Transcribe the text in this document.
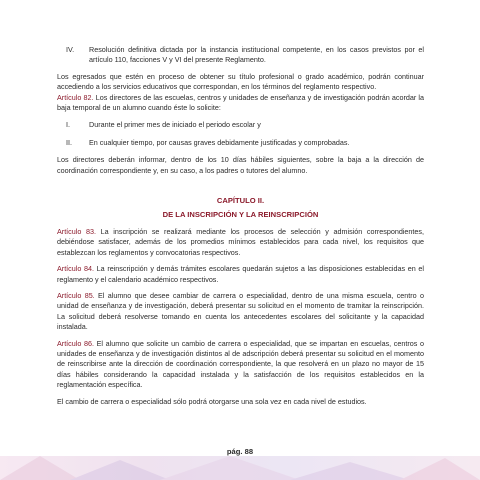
IV. Resolución definitiva dictada por la instancia institucional competente, en los casos previstos por el artículo 110, facciones V y VI del presente Reglamento.

Los egresados que estén en proceso de obtener su título profesional o grado académico, podrán continuar accediendo a los servicios educativos que correspondan, en los términos del reglamento respectivo.

Artículo 82. Los directores de las escuelas, centros y unidades de enseñanza y de investigación podrán acordar la baja temporal de un alumno cuando éste lo solicite:

I.	Durante el primer mes de iniciado el periodo escolar y

II. En cualquier tiempo, por causas graves debidamente justificadas y comprobadas.

Los directores deberán informar, dentro de los 10 días hábiles siguientes, sobre la baja a la dirección de coordinación correspondiente y, en su caso, a los padres o tutores del alumno.

CAPÍTULO II.
DE LA INSCRIPCIÓN Y LA REINSCRIPCIÓN

Artículo 83. La inscripción se realizará mediante los procesos de selección y admisión correspondientes, debiéndose satisfacer, además de los promedios mínimos establecidos para cada nivel, los requisitos que establezcan los reglamentos y convocatorias respectivos.

Artículo 84. La reinscripción y demás trámites escolares quedarán sujetos a las disposiciones establecidas en el reglamento y el calendario académico respectivos.

Artículo 85. El alumno que desee cambiar de carrera o especialidad, dentro de una misma escuela, centro o unidad de enseñanza y de investigación, deberá presentar su solicitud en el momento de tramitar la reinscripción. La solicitud deberá resolverse tomando en cuenta los antecedentes escolares del solicitante y la capacidad instalada.

Artículo 86. El alumno que solicite un cambio de carrera o especialidad, que se impartan en escuelas, centros o unidades de enseñanza y de investigación distintos al de adscripción deberá presentar su solicitud en el momento de reinscribirse ante la dirección de coordinación correspondiente, la que resolverá en un plazo no mayor de 15 días hábiles considerando la capacidad instalada y la satisfacción de los requisitos establecidos en la reglamentación específica.

El cambio de carrera o especialidad sólo podrá otorgarse una sola vez en cada nivel de estudios.

pág. 88
